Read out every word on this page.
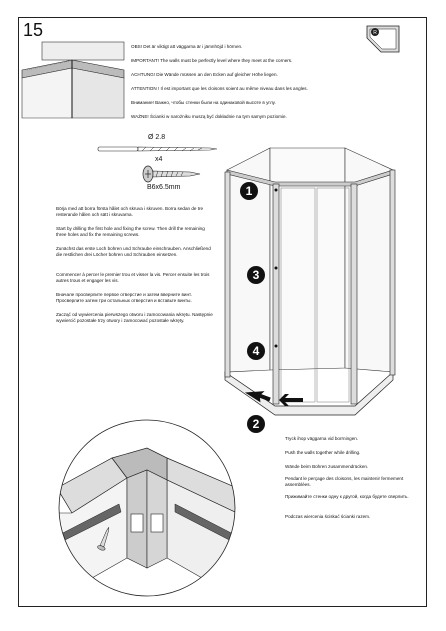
15	R
OBS! Det är viktigt att väggarna är i jämnhöjd i hörnen.
IMPORTANT! The walls must be perfectly level where they meet at the corners.
ACHTUNG! Die Wände müssen an den Ecken auf gleicher Höhe liegen.
ATTENTION ! Il est important que les cloisons soient au même niveau dans les angles.
Внимание! Важно, чтобы стенки были на одинаковой высоте в углу.
WAŻNE! Ścianki w narożniku muszą być dokładnie na tym samym poziomie.
Ø 2.8
x4
B6x6.5mm
Börja med att borra första hålet och skruva i skruven. Borra sedan de tre resterande hålen och sätt i skruvarna.
Start by drilling the first hole and fixing the screw. Then drill the remaining three holes and fix the remaining screws.
Zunächst das erste Loch bohren und Schraube einschrauben. Anschließend die restlichen drei Löcher bohren und Schrauben einsetzen.
Commencer à percer le premier trou et visser la vis. Percer ensuite les trois autres trous et engager les vis.
Вначале просверлите первое отверстие и затем вверните винт. Просверлите затем три остальных отверстия и вставьте винты.
Zacząć od wywiercenia pierwszego otworu i zamocowania wkrętu. Następnie wywiercić pozostałe trzy otwory i zamocować pozostałe wkręty.
1
3
4
2
Tryck ihop väggarna vid borrningen.
Push the walls together while drilling.
Wände beim Bohren zusammendrücken.
Pendant le perçage des cloisons, les maintenir fermement assemblées.
Прижимайте стенки одну к другой, когда будете сверлить.
Podczas wiercenia ściskać ścianki razem.
